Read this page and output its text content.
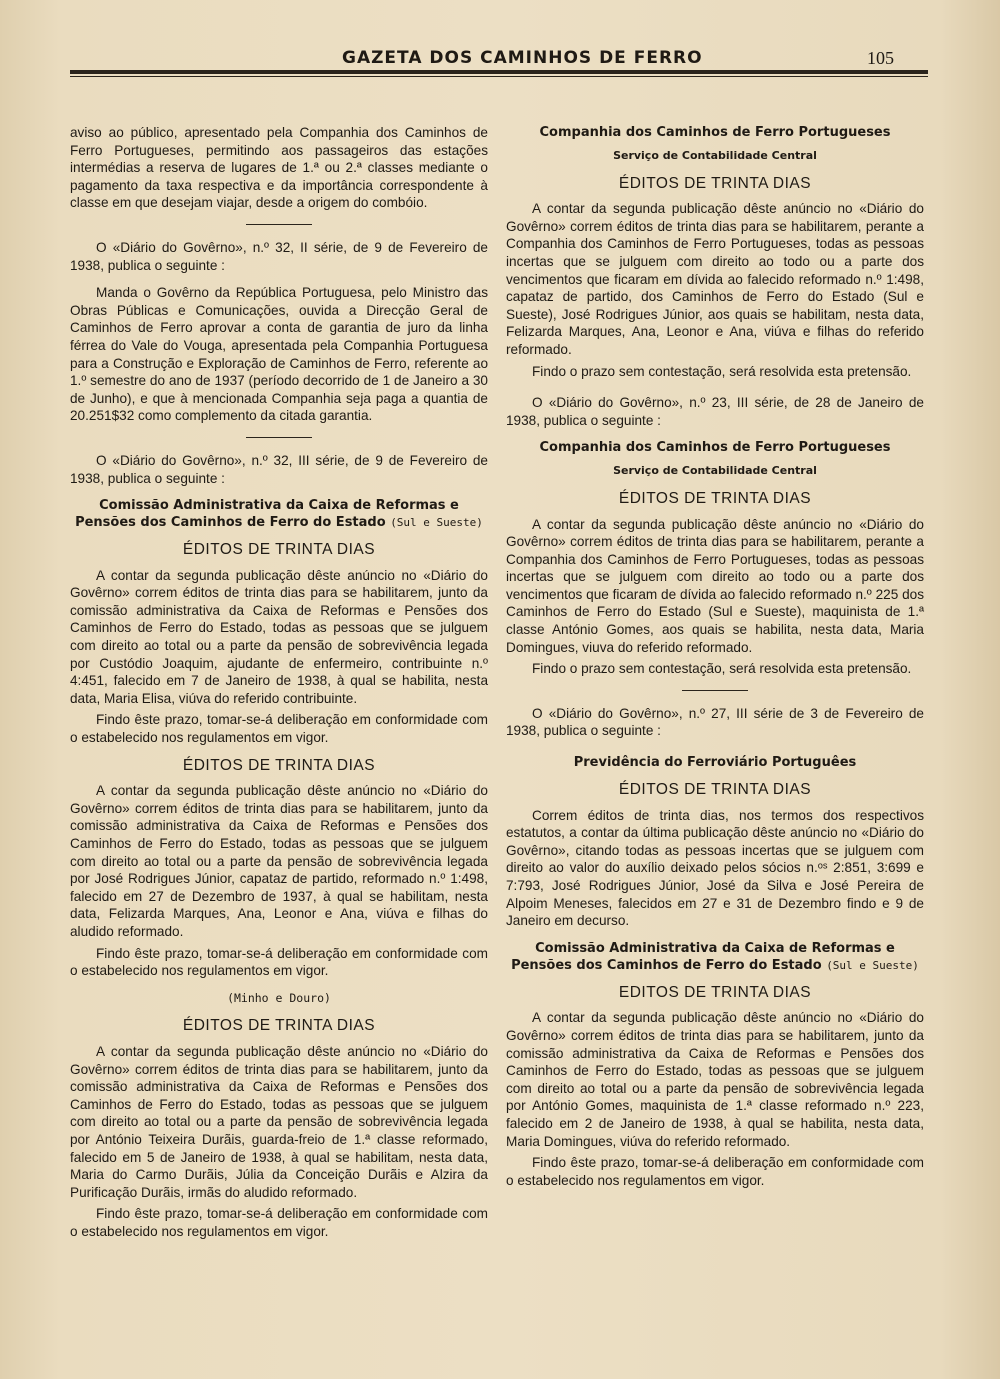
GAZETA DOS CAMINHOS DE FERRO	105

aviso ao público, apresentado pela Companhia dos Caminhos de Ferro Portugueses, permitindo aos passageiros das estações intermédias a reserva de lugares de 1.ª ou 2.ª classes mediante o pagamento da taxa respectiva e da importância correspondente à classe em que desejam viajar, desde a origem do combóio.

O «Diário do Govêrno», n.º 32, II série, de 9 de Fevereiro de 1938, publica o seguinte :

Manda o Govêrno da República Portuguesa, pelo Ministro das Obras Públicas e Comunicações, ouvida a Direcção Geral de Caminhos de Ferro aprovar a conta de garantia de juro da linha férrea do Vale do Vouga, apresentada pela Companhia Portuguesa para a Construção e Exploração de Caminhos de Ferro, referente ao 1.º semestre do ano de 1937 (período decorrido de 1 de Janeiro a 30 de Junho), e que à mencionada Companhia seja paga a quantia de 20.251$32 como complemento da citada garantia.

O «Diário do Govêrno», n.º 32, III série, de 9 de Fevereiro de 1938, publica o seguinte :

Comissão Administrativa da Caixa de Reformas e Pensões dos Caminhos de Ferro do Estado (Sul e Sueste)
ÉDITOS DE TRINTA DIAS

A contar da segunda publicação dêste anúncio no «Diário do Govêrno» correm éditos de trinta dias para se habilitarem, junto da comissão administrativa da Caixa de Reformas e Pensões dos Caminhos de Ferro do Estado, todas as pessoas que se julguem com direito ao total ou a parte da pensão de sobrevivência legada por Custódio Joaquim, ajudante de enfermeiro, contribuinte n.º 4:451, falecido em 7 de Janeiro de 1938, à qual se habilita, nesta data, Maria Elisa, viúva do referido contribuinte.

Findo êste prazo, tomar-se-á deliberação em conformidade com o estabelecido nos regulamentos em vigor.

ÉDITOS DE TRINTA DIAS

A contar da segunda publicação dêste anúncio no «Diário do Govêrno» correm éditos de trinta dias para se habilitarem, junto da comissão administrativa da Caixa de Reformas e Pensões dos Caminhos de Ferro do Estado, todas as pessoas que se julguem com direito ao total ou a parte da pensão de sobrevivência legada por José Rodrigues Júnior, capataz de partido, reformado n.º 1:498, falecido em 27 de Dezembro de 1937, à qual se habilitam, nesta data, Felizarda Marques, Ana, Leonor e Ana, viúva e filhas do aludido reformado.

Findo êste prazo, tomar-se-á deliberação em conformidade com o estabelecido nos regulamentos em vigor.

(Minho e Douro)
ÉDITOS DE TRINTA DIAS

A contar da segunda publicação dêste anúncio no «Diário do Govêrno» correm éditos de trinta dias para se habilitarem, junto da comissão administrativa da Caixa de Reformas e Pensões dos Caminhos de Ferro do Estado, todas as pessoas que se julguem com direito ao total ou a parte da pensão de sobrevivência legada por António Teixeira Durãis, guarda-freio de 1.ª classe reformado, falecido em 5 de Janeiro de 1938, à qual se habilitam, nesta data, Maria do Carmo Durãis, Júlia da Conceição Durãis e Alzira da Purificação Durãis, irmãs do aludido reformado.

Findo êste prazo, tomar-se-á deliberação em conformidade com o estabelecido nos regulamentos em vigor.

Companhia dos Caminhos de Ferro Portugueses
Serviço de Contabilidade Central
ÉDITOS DE TRINTA DIAS

A contar da segunda publicação dêste anúncio no «Diário do Govêrno» correm éditos de trinta dias para se habilitarem, perante a Companhia dos Caminhos de Ferro Portugueses, todas as pessoas incertas que se julguem com direito ao todo ou a parte dos vencimentos que ficaram em dívida ao falecido reformado n.º 1:498, capataz de partido, dos Caminhos de Ferro do Estado (Sul e Sueste), José Rodrigues Júnior, aos quais se habilitam, nesta data, Felizarda Marques, Ana, Leonor e Ana, viúva e filhas do referido reformado.

Findo o prazo sem contestação, será resolvida esta pretensão.

O «Diário do Govêrno», n.º 23, III série, de 28 de Janeiro de 1938, publica o seguinte :

Companhia dos Caminhos de Ferro Portugueses
Serviço de Contabilidade Central
ÉDITOS DE TRINTA DIAS

A contar da segunda publicação dêste anúncio no «Diário do Govêrno» correm éditos de trinta dias para se habilitarem, perante a Companhia dos Caminhos de Ferro Portugueses, todas as pessoas incertas que se julguem com direito ao todo ou a parte dos vencimentos que ficaram de dívida ao falecido reformado n.º 225 dos Caminhos de Ferro do Estado (Sul e Sueste), maquinista de 1.ª classe António Gomes, aos quais se habilita, nesta data, Maria Domingues, viuva do referido reformado.

Findo o prazo sem contestação, será resolvida esta pretensão.

O «Diário do Govêrno», n.º 27, III série de 3 de Fevereiro de 1938, publica o seguinte :

Previdência do Ferroviário Portuguêes
ÉDITOS DE TRINTA DIAS

Correm éditos de trinta dias, nos termos dos respectivos estatutos, a contar da última publicação dêste anúncio no «Diário do Govêrno», citando todas as pessoas incertas que se julguem com direito ao valor do auxílio deixado pelos sócios n.ᵒˢ 2:851, 3:699 e 7:793, José Rodrigues Júnior, José da Silva e José Pereira de Alpoim Meneses, falecidos em 27 e 31 de Dezembro findo e 9 de Janeiro em decurso.

Comissão Administrativa da Caixa de Reformas e Pensões dos Caminhos de Ferro do Estado (Sul e Sueste)
EDITOS DE TRINTA DIAS

A contar da segunda publicação dêste anúncio no «Diário do Govêrno» correm éditos de trinta dias para se habilitarem, junto da comissão administrativa da Caixa de Reformas e Pensões dos Caminhos de Ferro do Estado, todas as pessoas que se julguem com direito ao total ou a parte da pensão de sobrevivência legada por António Gomes, maquinista de 1.ª classe reformado n.º 223, falecido em 2 de Janeiro de 1938, à qual se habilita, nesta data, Maria Domingues, viúva do referido reformado.

Findo êste prazo, tomar-se-á deliberação em conformidade com o estabelecido nos regulamentos em vigor.
